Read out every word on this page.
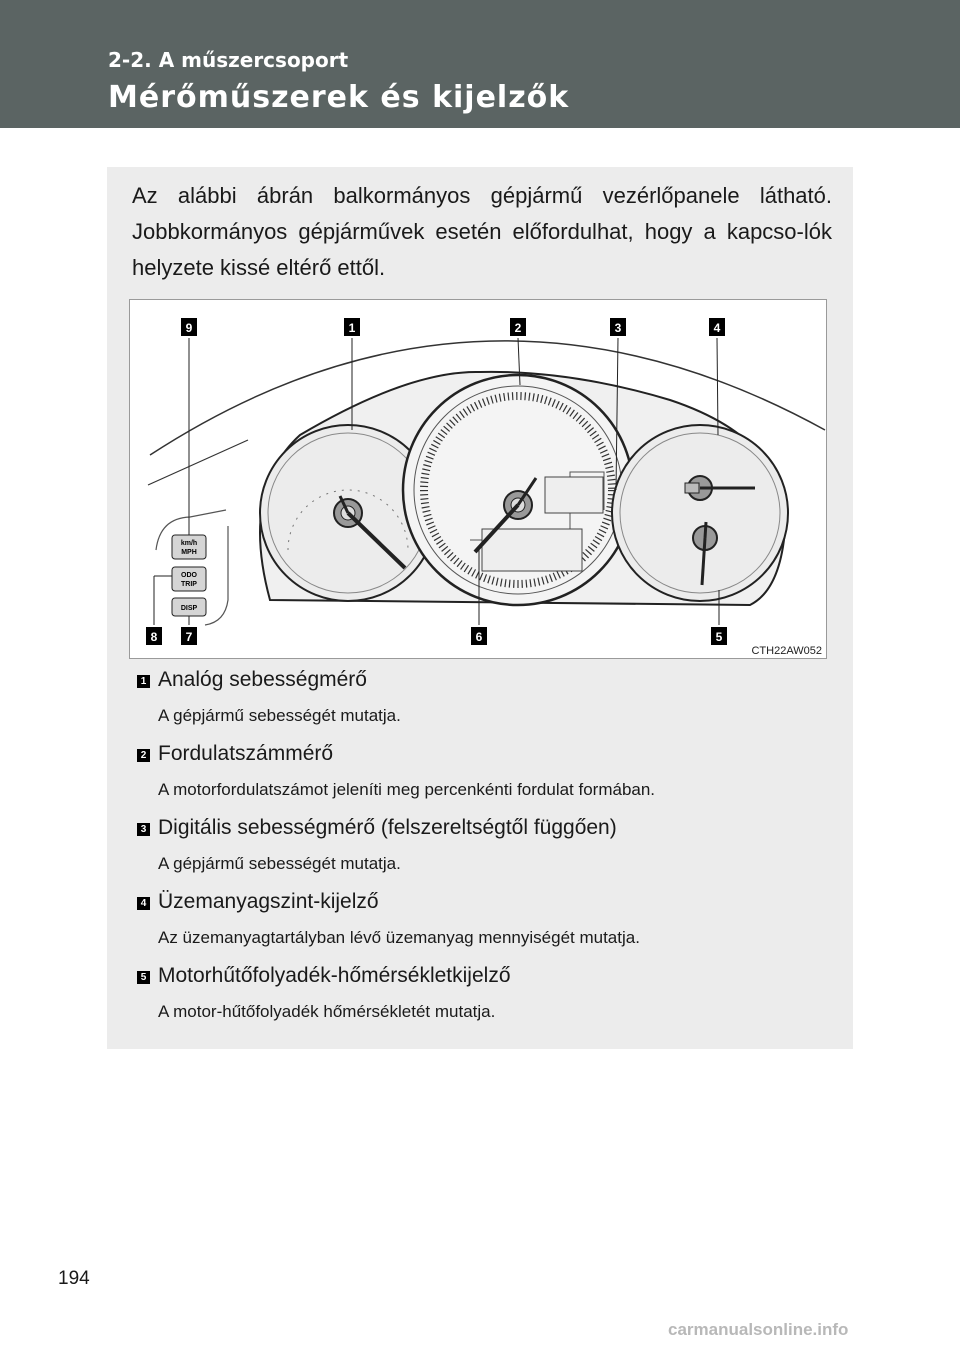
2-2. A műszercsoport
Mérőműszerek és kijelzők
Az alábbi ábrán balkormányos gépjármű vezérlőpanele látható. Jobbkormányos gépjárművek esetén előfordulhat, hogy a kapcso-lók helyzete kissé eltérő ettől.
km/h
MPH
ODO
TRIP
DISP
9	1	2	3	4
8 7	6	5
CTH22AW052
1 Analóg sebességmérő
A gépjármű sebességét mutatja.
2 Fordulatszámmérő
A motorfordulatszámot jeleníti meg percenkénti fordulat formában.
3 Digitális sebességmérő (felszereltségtől függően)
A gépjármű sebességét mutatja.
4 Üzemanyagszint-kijelző
Az üzemanyagtartályban lévő üzemanyag mennyiségét mutatja.
5 Motorhűtőfolyadék-hőmérsékletkijelző
A motor-hűtőfolyadék hőmérsékletét mutatja.
194
carmanualsonline.info
